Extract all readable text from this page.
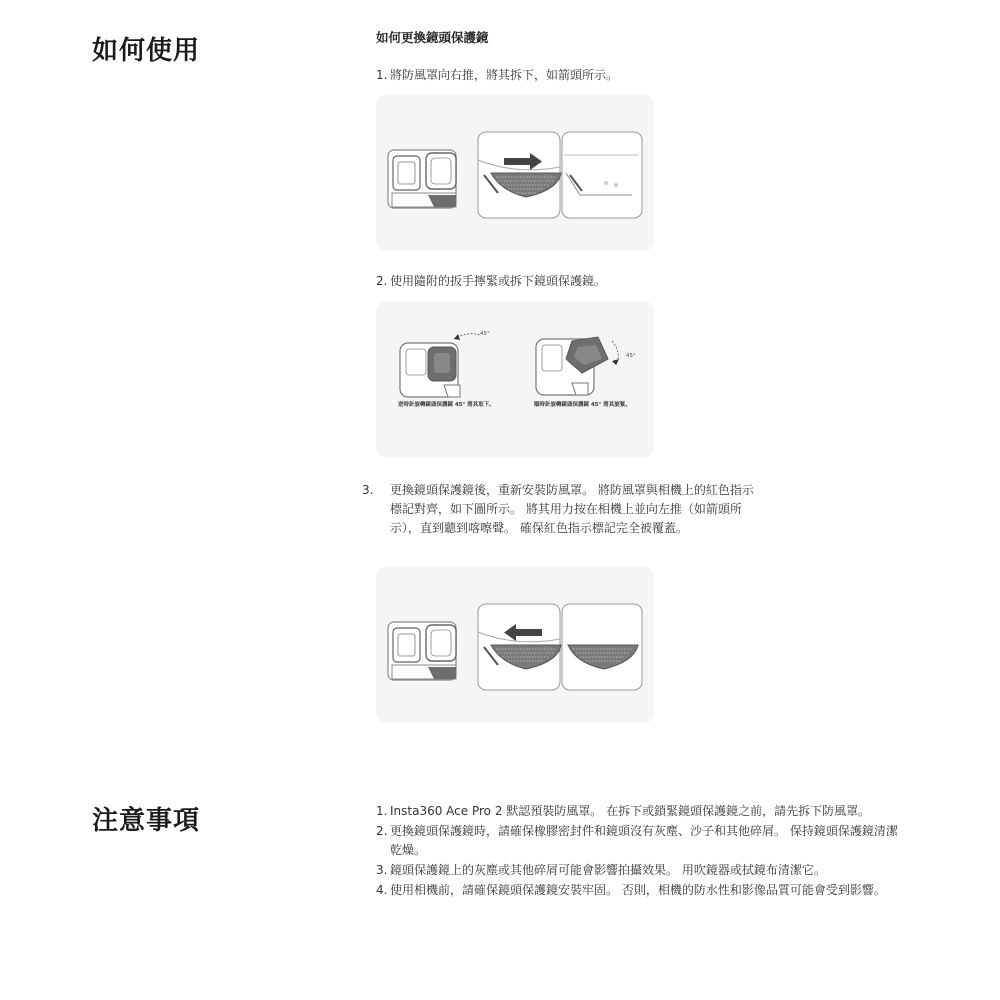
如何使用
注意事項
如何更換鏡頭保護鏡
1. 將防風罩向右推，將其拆下，如箭頭所示。
2. 使用隨附的扳手擰緊或拆下鏡頭保護鏡。
45°
45°
逆時針旋轉鏡頭保護鏡 45° 將其取下。	順時針旋轉鏡頭保護鏡 45° 將其旋緊。
3. 更換鏡頭保護鏡後，重新安裝防風罩。 將防風罩與相機上的紅色指示標記對齊，如下圖所示。 將其用力按在相機上並向左推（如箭頭所示），直到聽到喀嚓聲。 確保紅色指示標記完全被覆蓋。
1. Insta360 Ace Pro 2 默認預裝防風罩。 在拆下或鎖緊鏡頭保護鏡之前，請先拆下防風罩。
2. 更換鏡頭保護鏡時，請確保橡膠密封件和鏡頭沒有灰塵、沙子和其他碎屑。 保持鏡頭保護鏡清潔乾燥。
3. 鏡頭保護鏡上的灰塵或其他碎屑可能會影響拍攝效果。 用吹鏡器或拭鏡布清潔它。
4. 使用相機前，請確保鏡頭保護鏡安裝牢固。 否則，相機的防水性和影像品質可能會受到影響。
